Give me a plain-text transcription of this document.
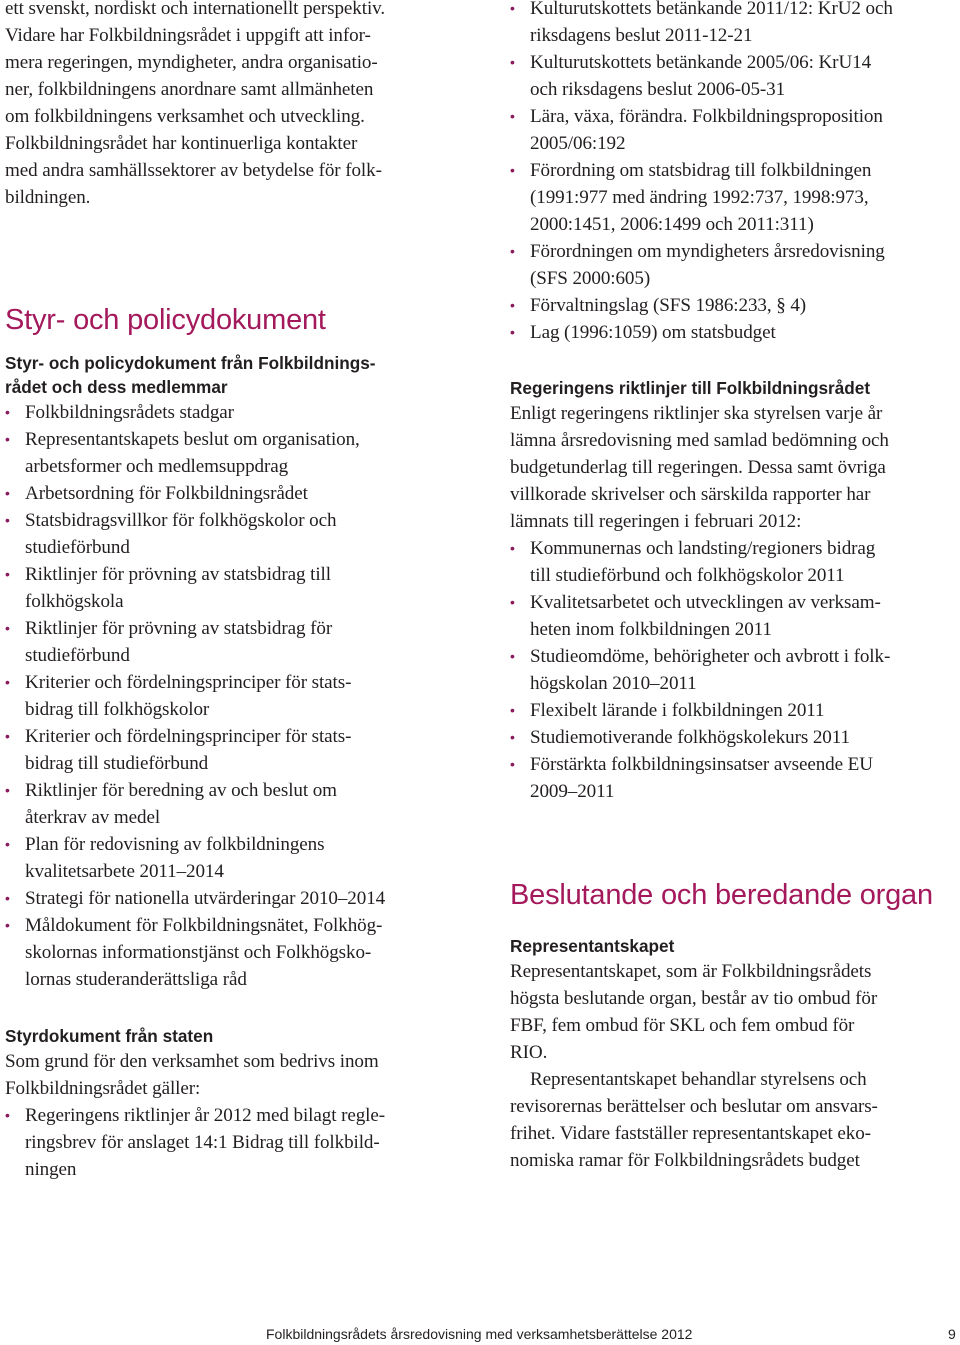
ett svenskt, nordiskt och internationellt perspektiv.
Vidare har Folkbildningsrådet i uppgift att infor-
mera regeringen, myndigheter, andra organisatio-
ner, folkbildningens anordnare samt allmänheten
om folkbildningens verksamhet och utveckling.
Folkbildningsrådet har kontinuerliga kontakter
med andra samhällssektorer av betydelse för folk-
bildningen.

Styr- och policydokument
Styr- och policydokument från Folkbildnings-
rådet och dess medlemmar
• Folkbildningsrådets stadgar
• Representantskapets beslut om organisation,
arbetsformer och medlemsuppdrag
• Arbetsordning för Folkbildningsrådet
• Statsbidragsvillkor för folkhögskolor och
studieförbund
• Riktlinjer för prövning av statsbidrag till
folkhögskola
• Riktlinjer för prövning av statsbidrag för
studieförbund
• Kriterier och fördelningsprinciper för stats-
bidrag till folkhögskolor
• Kriterier och fördelningsprinciper för stats-
bidrag till studieförbund
• Riktlinjer för beredning av och beslut om
återkrav av medel
• Plan för redovisning av folkbildningens
kvalitetsarbete 2011–2014
• Strategi för nationella utvärderingar 2010–2014
• Måldokument för Folkbildningsnätet, Folkhög-
skolornas informationstjänst och Folkhögsko-
lornas studeranderättsliga råd
Styrdokument från staten

Som grund för den verksamhet som bedrivs inom
Folkbildningsrådet gäller:

• Regeringens riktlinjer år 2012 med bilagt regle-
ringsbrev för anslaget 14:1 Bidrag till folkbild-
ningen
• Kulturutskottets betänkande 2011/12: KrU2 och
riksdagens beslut 2011-12-21
• Kulturutskottets betänkande 2005/06: KrU14
och riksdagens beslut 2006-05-31
• Lära, växa, förändra. Folkbildningsproposition
2005/06:192
• Förordning om statsbidrag till folkbildningen
(1991:977 med ändring 1992:737, 1998:973,
2000:1451, 2006:1499 och 2011:311)
• Förordningen om myndigheters årsredovisning
(SFS 2000:605)
• Förvaltningslag (SFS 1986:233, § 4)
• Lag (1996:1059) om statsbudget
Regeringens riktlinjer till Folkbildningsrådet

Enligt regeringens riktlinjer ska styrelsen varje år
lämna årsredovisning med samlad bedömning och
budgetunderlag till regeringen. Dessa samt övriga
villkorade skrivelser och särskilda rapporter har
lämnats till regeringen i februari 2012:

• Kommunernas och landsting/regioners bidrag
till studieförbund och folkhögskolor 2011
• Kvalitetsarbetet och utvecklingen av verksam-
heten inom folkbildningen 2011
• Studieomdöme, behörigheter och avbrott i folk-
högskolan 2010–2011
• Flexibelt lärande i folkbildningen 2011
• Studiemotiverande folkhögskolekurs 2011
• Förstärkta folkbildningsinsatser avseende EU
2009–2011
Beslutande och beredande organ
Representantskapet

Representantskapet, som är Folkbildningsrådets
högsta beslutande organ, består av tio ombud för
FBF, fem ombud för SKL och fem ombud för
RIO.

Representantskapet behandlar styrelsens och
revisorernas berättelser och beslutar om ansvars-
frihet. Vidare fastställer representantskapet eko-
nomiska ramar för Folkbildningsrådets budget

Folkbildningsrådets årsredovisning med verksamhetsberättelse 2012	9
